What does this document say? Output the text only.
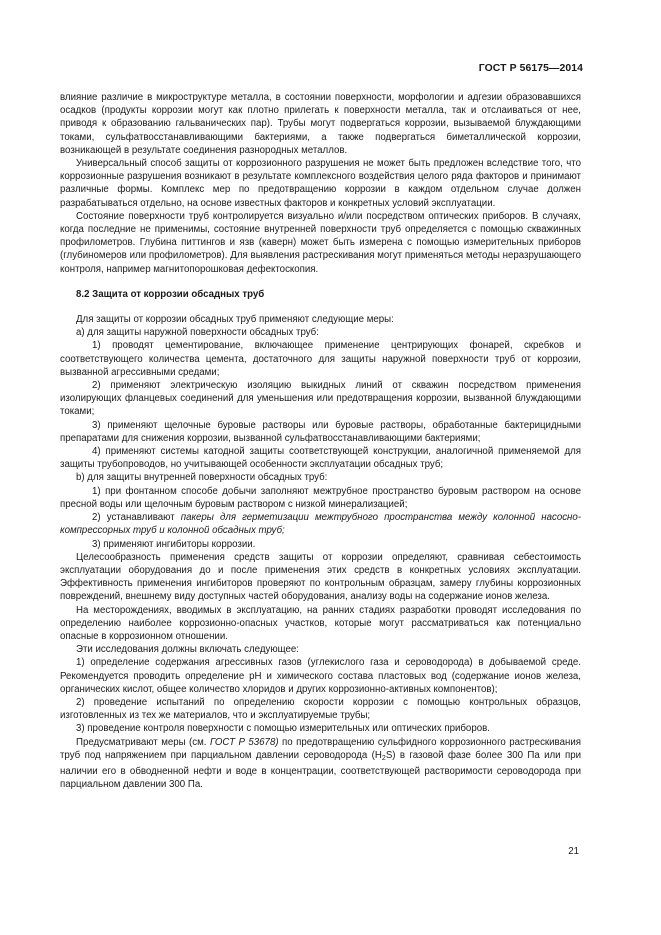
ГОСТ Р 56175—2014

влияние различие в микроструктуре металла, в состоянии поверхности, морфологии и адгезии образовавшихся осадков (продукты коррозии могут как плотно прилегать к поверхности металла, так и отслаиваться от нее, приводя к образованию гальванических пар). Трубы могут подвергаться коррозии, вызываемой блуждающими токами, сульфатвосстанавливающими бактериями, а также подвергаться биметаллической коррозии, возникающей в результате соединения разнородных металлов.

Универсальный способ защиты от коррозионного разрушения не может быть предложен вследствие того, что коррозионные разрушения возникают в результате комплексного воздействия целого ряда факторов и принимают различные формы. Комплекс мер по предотвращению коррозии в каждом отдельном случае должен разрабатываться отдельно, на основе известных факторов и конкретных условий эксплуатации.

Состояние поверхности труб контролируется визуально и/или посредством оптических приборов. В случаях, когда последние не применимы, состояние внутренней поверхности труб определяется с помощью скважинных профилометров. Глубина питтингов и язв (каверн) может быть измерена с помощью измерительных приборов (глубиномеров или профилометров). Для выявления растрескивания могут применяться методы неразрушающего контроля, например магнитопорошковая дефектоскопия.

8.2 Защита от коррозии обсадных труб

Для защиты от коррозии обсадных труб применяют следующие меры:

а) для защиты наружной поверхности обсадных труб:

1) проводят цементирование, включающее применение центрирующих фонарей, скребков и соответствующего количества цемента, достаточного для защиты наружной поверхности труб от коррозии, вызванной агрессивными средами;

2) применяют электрическую изоляцию выкидных линий от скважин посредством применения изолирующих фланцевых соединений для уменьшения или предотвращения коррозии, вызванной блуждающими токами;

3) применяют щелочные буровые растворы или буровые растворы, обработанные бактерицидными препаратами для снижения коррозии, вызванной сульфатвосстанавливающими бактериями;

4) применяют системы катодной защиты соответствующей конструкции, аналогичной применяемой для защиты трубопроводов, но учитывающей особенности эксплуатации обсадных труб;

b) для защиты внутренней поверхности обсадных труб:

1) при фонтанном способе добычи заполняют межтрубное пространство буровым раствором на основе пресной воды или щелочным буровым раствором с низкой минерализацией;

2) устанавливают пакеры для герметизации межтрубного пространства между колонной насосно-компрессорных труб и колонной обсадных труб;

3) применяют ингибиторы коррозии.

Целесообразность применения средств защиты от коррозии определяют, сравнивая себестоимость эксплуатации оборудования до и после применения этих средств в конкретных условиях эксплуатации. Эффективность применения ингибиторов проверяют по контрольным образцам, замеру глубины коррозионных повреждений, внешнему виду доступных частей оборудования, анализу воды на содержание ионов железа.

На месторождениях, вводимых в эксплуатацию, на ранних стадиях разработки проводят исследования по определению наиболее коррозионно-опасных участков, которые могут рассматриваться как потенциально опасные в коррозионном отношении.

Эти исследования должны включать следующее:

1) определение содержания агрессивных газов (углекислого газа и сероводорода) в добываемой среде. Рекомендуется проводить определение pH и химического состава пластовых вод (содержание ионов железа, органических кислот, общее количество хлоридов и других коррозионно-активных компонентов);

2) проведение испытаний по определению скорости коррозии с помощью контрольных образцов, изготовленных из тех же материалов, что и эксплуатируемые трубы;

3) проведение контроля поверхности с помощью измерительных или оптических приборов.

Предусматривают меры (см. ГОСТ Р 53678) по предотвращению сульфидного коррозионного растрескивания труб под напряжением при парциальном давлении сероводорода $(H_2S)$ в газовой фазе более 300 Па или при наличии его в обводненной нефти и воде в концентрации, соответствующей растворимости сероводорода при парциальном давлении 300 Па.

21
